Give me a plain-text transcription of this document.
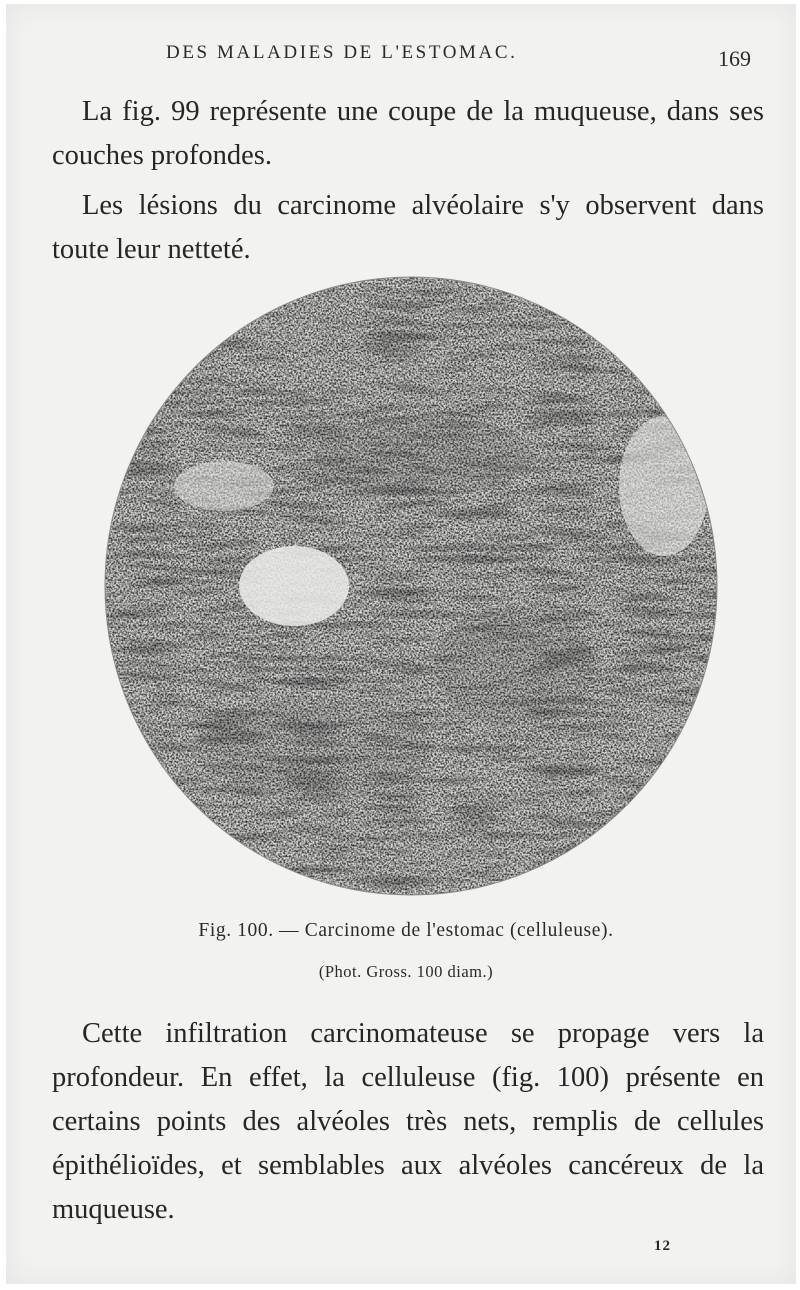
DES MALADIES DE L'ESTOMAC.	169
La fig. 99 représente une coupe de la muqueuse, dans ses couches profondes.
Les lésions du carcinome alvéolaire s'y observent dans toute leur netteté.
Fig. 100. — Carcinome de l'estomac (celluleuse).
(Phot. Gross. 100 diam.)
Cette infiltration carcinomateuse se propage vers la profondeur. En effet, la celluleuse (fig. 100) présente en certains points des alvéoles très nets, remplis de cellules épithélioïdes, et semblables aux alvéoles cancéreux de la muqueuse.
12
